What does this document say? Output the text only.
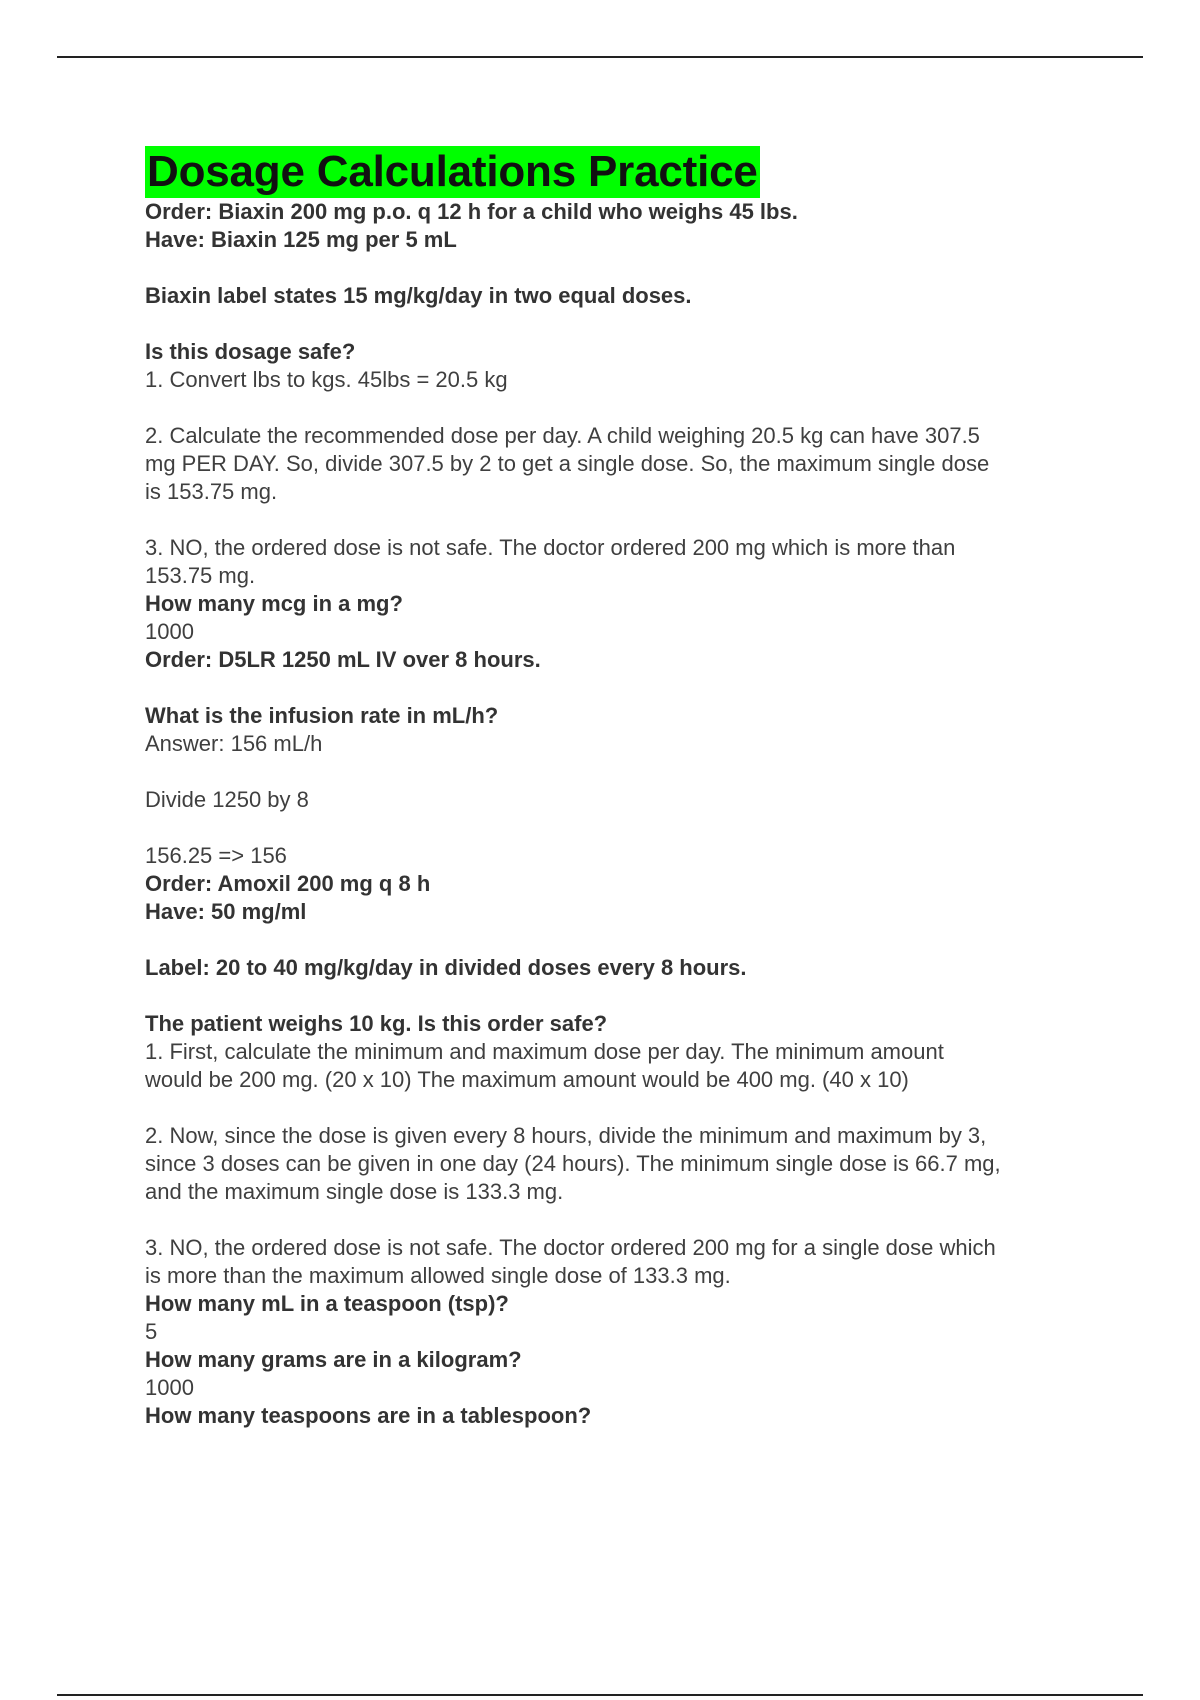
Dosage Calculations Practice
Order: Biaxin 200 mg p.o. q 12 h for a child who weighs 45 lbs.
Have: Biaxin 125 mg per 5 mL
Biaxin label states 15 mg/kg/day in two equal doses.
Is this dosage safe?
1. Convert lbs to kgs. 45lbs = 20.5 kg
2. Calculate the recommended dose per day. A child weighing 20.5 kg can have 307.5
mg PER DAY. So, divide 307.5 by 2 to get a single dose. So, the maximum single dose
is 153.75 mg.
3. NO, the ordered dose is not safe. The doctor ordered 200 mg which is more than
153.75 mg.
How many mcg in a mg?
1000
Order: D5LR 1250 mL IV over 8 hours.
What is the infusion rate in mL/h?
Answer: 156 mL/h
Divide 1250 by 8
156.25 => 156
Order: Amoxil 200 mg q 8 h
Have: 50 mg/ml
Label: 20 to 40 mg/kg/day in divided doses every 8 hours.
The patient weighs 10 kg. Is this order safe?
1. First, calculate the minimum and maximum dose per day. The minimum amount
would be 200 mg. (20 x 10) The maximum amount would be 400 mg. (40 x 10)
2. Now, since the dose is given every 8 hours, divide the minimum and maximum by 3,
since 3 doses can be given in one day (24 hours). The minimum single dose is 66.7 mg,
and the maximum single dose is 133.3 mg.
3. NO, the ordered dose is not safe. The doctor ordered 200 mg for a single dose which
is more than the maximum allowed single dose of 133.3 mg.
How many mL in a teaspoon (tsp)?
5
How many grams are in a kilogram?
1000
How many teaspoons are in a tablespoon?
